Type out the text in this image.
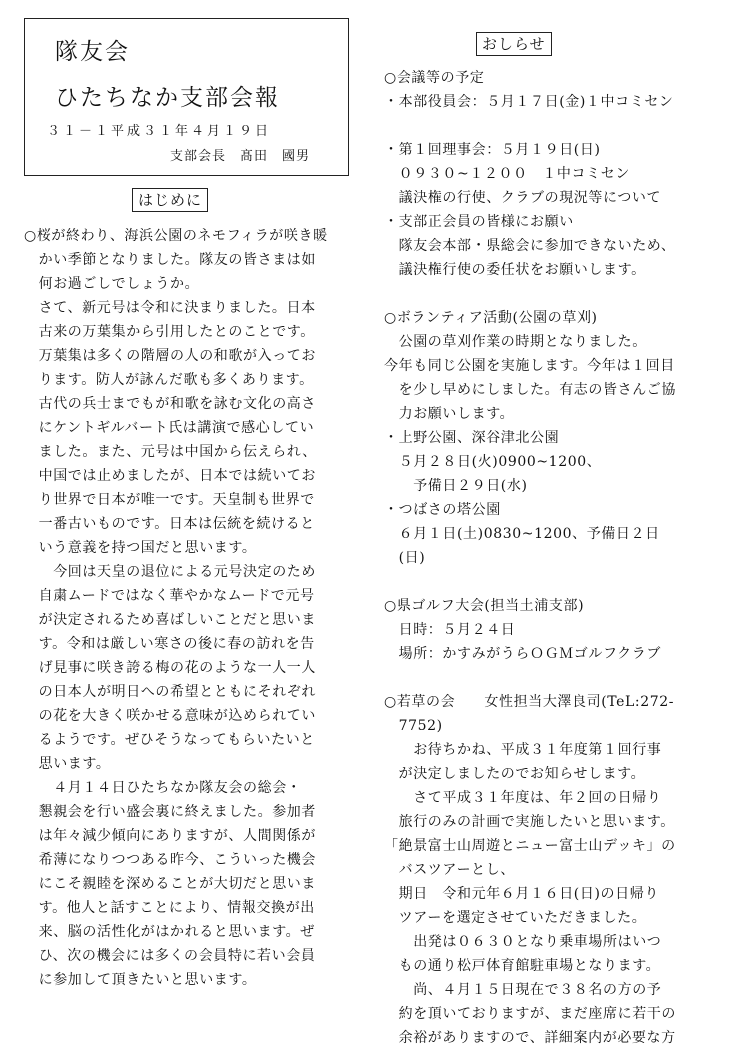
隊友会
ひたちなか支部会報
３１－１平成３１年４月１９日
支部会長　髙田　國男
はじめに
おしらせ
○桜が終わり、海浜公園のネモフィラが咲き暖
　かい季節となりました。隊友の皆さまは如
　何お過ごしでしょうか。
　さて、新元号は令和に決まりました。日本
　古来の万葉集から引用したとのことです。
　万葉集は多くの階層の人の和歌が入ってお
　ります。防人が詠んだ歌も多くあります。
　古代の兵士までもが和歌を詠む文化の高さ
　にケントギルバート氏は講演で感心してい
　ました。また、元号は中国から伝えられ、
　中国では止めましたが、日本では続いてお
　り世界で日本が唯一です。天皇制も世界で
　一番古いものです。日本は伝統を続けると
　いう意義を持つ国だと思います。
　　今回は天皇の退位による元号決定のため
　自粛ムードではなく華やかなムードで元号
　が決定されるため喜ばしいことだと思いま
　す。令和は厳しい寒さの後に春の訪れを告
　げ見事に咲き誇る梅の花のような一人一人
　の日本人が明日への希望とともにそれぞれ
　の花を大きく咲かせる意味が込められてい
　るようです。ぜひそうなってもらいたいと
　思います。
　　４月１４日ひたちなか隊友会の総会・
　懇親会を行い盛会裏に終えました。参加者
　は年々減少傾向にありますが、人間関係が
　希薄になりつつある昨今、こういった機会
　にこそ親睦を深めることが大切だと思いま
　す。他人と話すことにより、情報交換が出
　来、脳の活性化がはかれると思います。ぜ
　ひ、次の機会には多くの会員特に若い会員
　に参加して頂きたいと思います。
○会議等の予定
・本部役員会：５月１７日(金)１中コミセン
・第１回理事会：５月１９日(日)
　０９３０~１２００　１中コミセン
　議決権の行使、クラブの現況等について
・支部正会員の皆様にお願い
　隊友会本部・県総会に参加できないため、
　議決権行使の委任状をお願いします。
○ボランティア活動(公園の草刈)
　公園の草刈作業の時期となりました。
今年も同じ公園を実施します。今年は１回目
　を少し早めにしました。有志の皆さんご協
　力お願いします。
・上野公園、深谷津北公園
　５月２８日(火)0900~1200、
　　予備日２９日(水)
・つばさの塔公園
　６月１日(土)0830~1200、予備日２日
　(日)
○県ゴルフ大会(担当土浦支部)
　日時：５月２４日
　場所：かすみがうらＯＧＭゴルフクラブ
○若草の会　　女性担当大澤良司(TeL:272-
　7752)
　　お待ちかね、平成３１年度第１回行事
　が決定しましたのでお知らせします。
　　さて平成３１年度は、年２回の日帰り
　旅行のみの計画で実施したいと思います。
「絶景富士山周遊とニュー富士山デッキ」の
　バスツアーとし、
　期日　令和元年６月１６日(日)の日帰り
　ツアーを選定させていただきました。
　　出発は０６３０となり乗車場所はいつ
　もの通り松戸体育館駐車場となります。
　　尚、４月１５日現在で３８名の方の予
　約を頂いておりますが、まだ座席に若干の
　余裕がありますので、詳細案内が必要な方
